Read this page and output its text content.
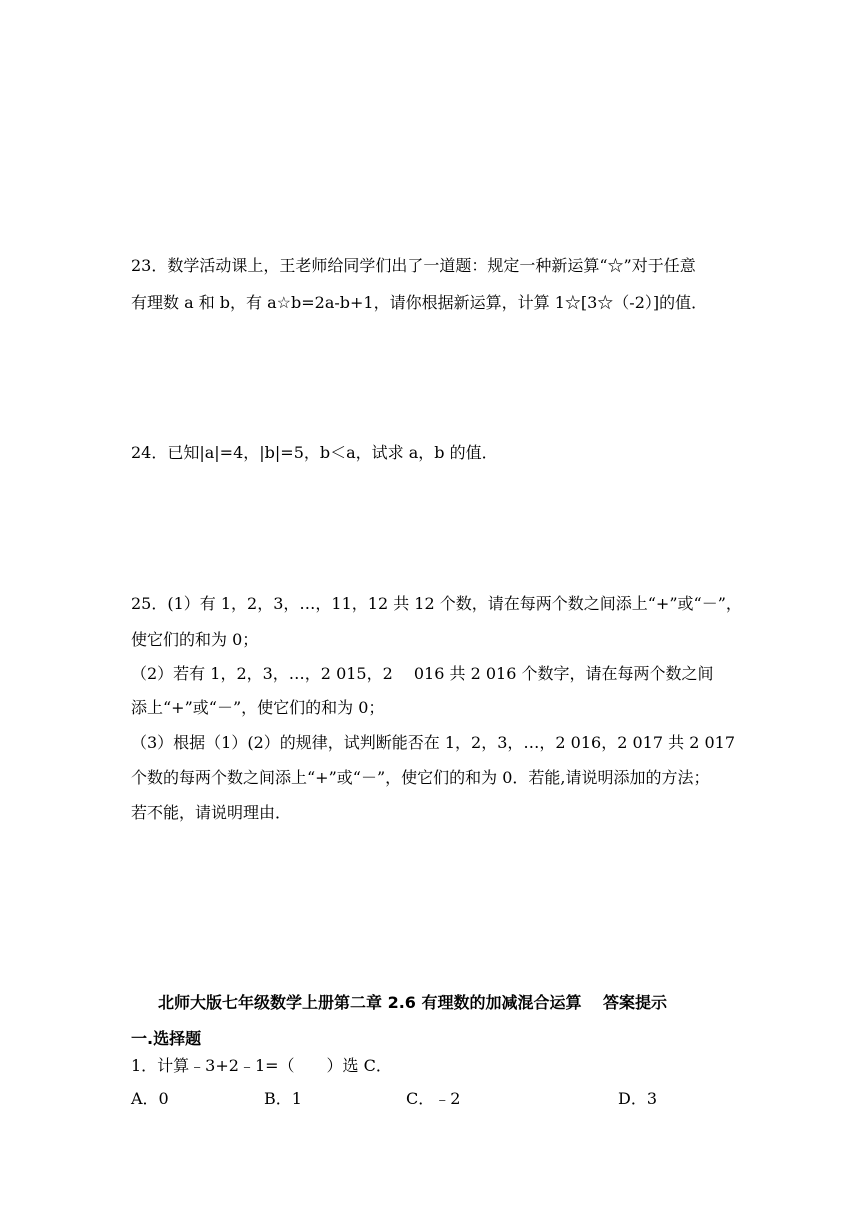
23．数学活动课上，王老师给同学们出了一道题：规定一种新运算“☆”对于任意
有理数 a 和 b，有 a☆b=2a-b+1，请你根据新运算，计算 1☆[3☆（-2）]的值．
24．已知|a|=4，|b|=5，b＜a，试求 a，b 的值．
25．(1）有 1，2，3，…，11，12 共 12 个数，请在每两个数之间添上“+”或“－”，
使它们的和为 0；
（2）若有 1，2，3，…，2 015，2　 016 共 2 016 个数字，请在每两个数之间
添上“+”或“－”，使它们的和为 0；
（3）根据（1）(2）的规律，试判断能否在 1，2，3，…，2 016，2 017 共 2 017
个数的每两个数之间添上“+”或“－”，使它们的和为 0．若能,请说明添加的方法；
若不能，请说明理由．
北师大版七年级数学上册第二章 2.6 有理数的加减混合运算　 答案提示
一.选择题
1．计算﹣3+2﹣1=（　　）选 C．
A．0	B．1	C．﹣2	D．3
